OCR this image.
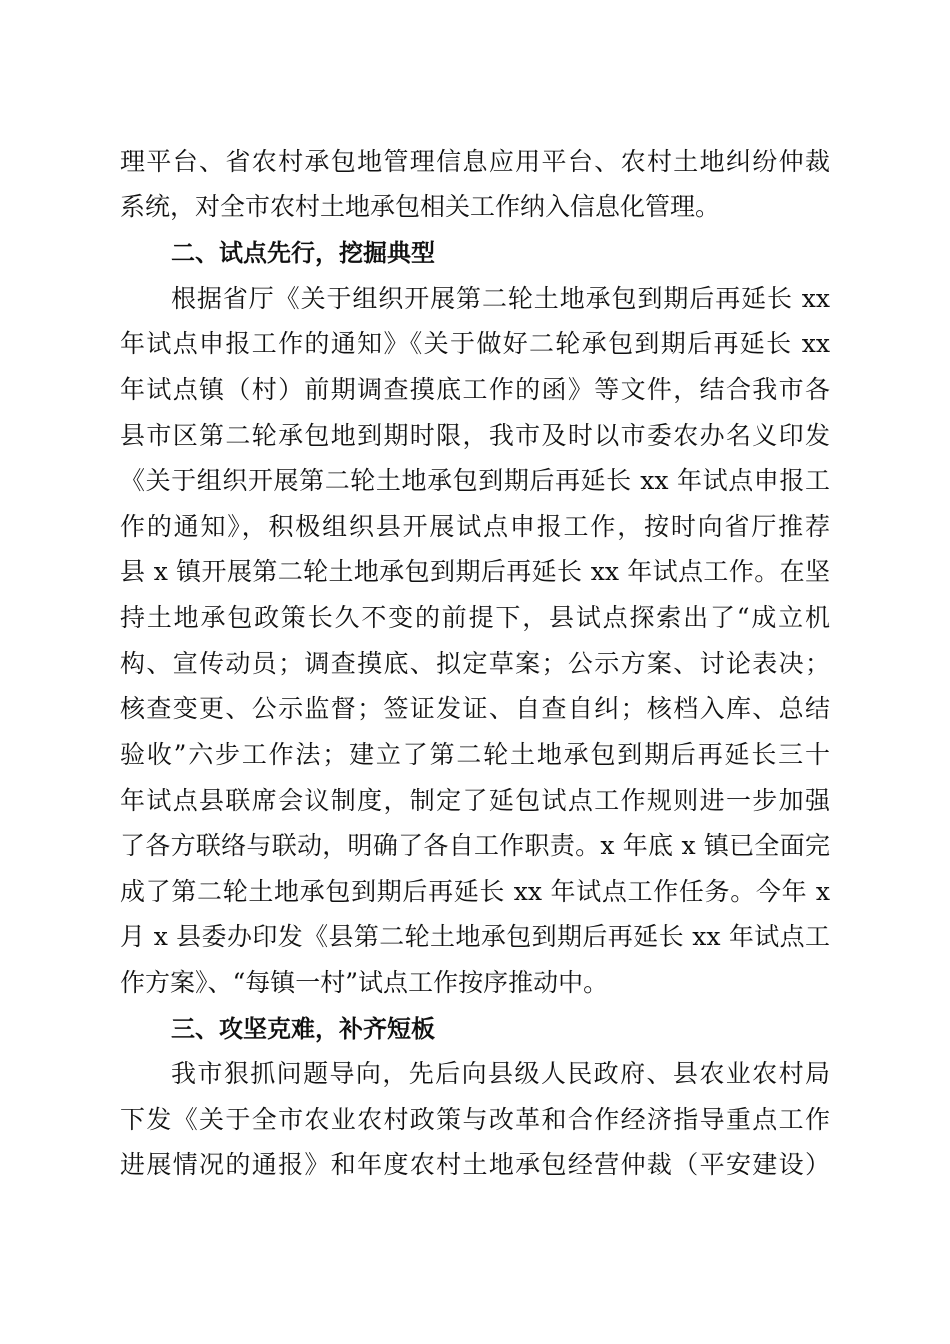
理平台、省农村承包地管理信息应用平台、农村土地纠纷仲裁
系统，对全市农村土地承包相关工作纳入信息化管理。
二、试点先行，挖掘典型
根据省厅《关于组织开展第二轮土地承包到期后再延长 xx
年试点申报工作的通知》《关于做好二轮承包到期后再延长 xx
年试点镇（村）前期调查摸底工作的函》等文件，结合我市各
县市区第二轮承包地到期时限，我市及时以市委农办名义印发
《关于组织开展第二轮土地承包到期后再延长 xx 年试点申报工
作的通知》，积极组织县开展试点申报工作，按时向省厅推荐
县 x 镇开展第二轮土地承包到期后再延长 xx 年试点工作。在坚
持土地承包政策长久不变的前提下，县试点探索出了“成立机
构、宣传动员；调查摸底、拟定草案；公示方案、讨论表决；
核查变更、公示监督；签证发证、自查自纠；核档入库、总结
验收”六步工作法；建立了第二轮土地承包到期后再延长三十
年试点县联席会议制度，制定了延包试点工作规则进一步加强
了各方联络与联动，明确了各自工作职责。x 年底 x 镇已全面完
成了第二轮土地承包到期后再延长 xx 年试点工作任务。今年 x
月 x 县委办印发《县第二轮土地承包到期后再延长 xx 年试点工
作方案》、“每镇一村”试点工作按序推动中。
三、攻坚克难，补齐短板
我市狠抓问题导向，先后向县级人民政府、县农业农村局
下发《关于全市农业农村政策与改革和合作经济指导重点工作
进展情况的通报》和年度农村土地承包经营仲裁（平安建设）
